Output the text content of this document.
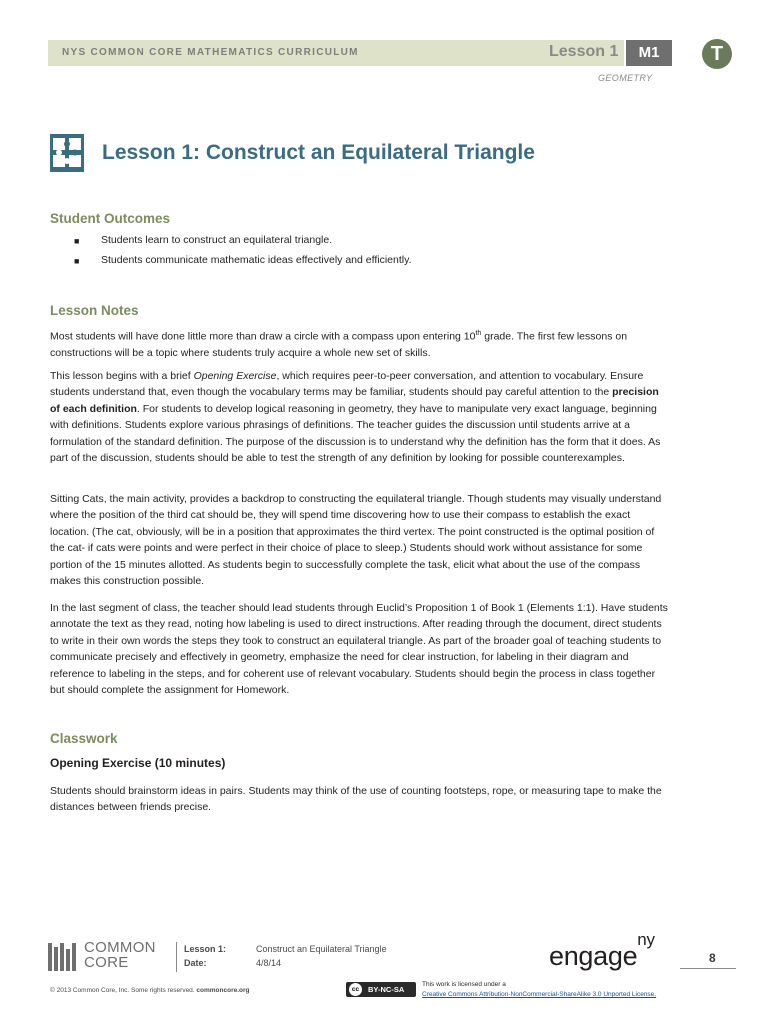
NYS COMMON CORE MATHEMATICS CURRICULUM	Lesson 1	M1
GEOMETRY
T
Lesson 1: Construct an Equilateral Triangle
Student Outcomes
■ Students learn to construct an equilateral triangle.
■ Students communicate mathematic ideas effectively and efficiently.
Lesson Notes
Most students will have done little more than draw a circle with a compass upon entering 10th grade. The first few lessons on constructions will be a topic where students truly acquire a whole new set of skills.
This lesson begins with a brief Opening Exercise, which requires peer-to-peer conversation, and attention to vocabulary. Ensure students understand that, even though the vocabulary terms may be familiar, students should pay careful attention to the precision of each definition. For students to develop logical reasoning in geometry, they have to manipulate very exact language, beginning with definitions. Students explore various phrasings of definitions. The teacher guides the discussion until students arrive at a formulation of the standard definition. The purpose of the discussion is to understand why the definition has the form that it does. As part of the discussion, students should be able to test the strength of any definition by looking for possible counterexamples.
Sitting Cats, the main activity, provides a backdrop to constructing the equilateral triangle. Though students may visually understand where the position of the third cat should be, they will spend time discovering how to use their compass to establish the exact location. (The cat, obviously, will be in a position that approximates the third vertex. The point constructed is the optimal position of the cat- if cats were points and were perfect in their choice of place to sleep.) Students should work without assistance for some portion of the 15 minutes allotted. As students begin to successfully complete the task, elicit what about the use of the compass makes this construction possible.
In the last segment of class, the teacher should lead students through Euclid’s Proposition 1 of Book 1 (Elements 1:1). Have students annotate the text as they read, noting how labeling is used to direct instructions. After reading through the document, direct students to write in their own words the steps they took to construct an equilateral triangle. As part of the broader goal of teaching students to communicate precisely and effectively in geometry, emphasize the need for clear instruction, for labeling in their diagram and reference to labeling in the steps, and for coherent use of relevant vocabulary. Students should begin the process in class together but should complete the assignment for Homework.
Classwork
Opening Exercise (10 minutes)
Students should brainstorm ideas in pairs. Students may think of the use of counting footsteps, rope, or measuring tape to make the distances between friends precise.
COMMON
CORE
Lesson 1:	Construct an Equilateral Triangle
Date:	4/8/14	engage$^{ny}$
8
© 2013 Common Core, Inc. Some rights reserved. commoncore.org	cc	BY-NC-SA
This work is licensed under a
Creative Commons Attribution-NonCommercial-ShareAlike 3.0 Unported License.
